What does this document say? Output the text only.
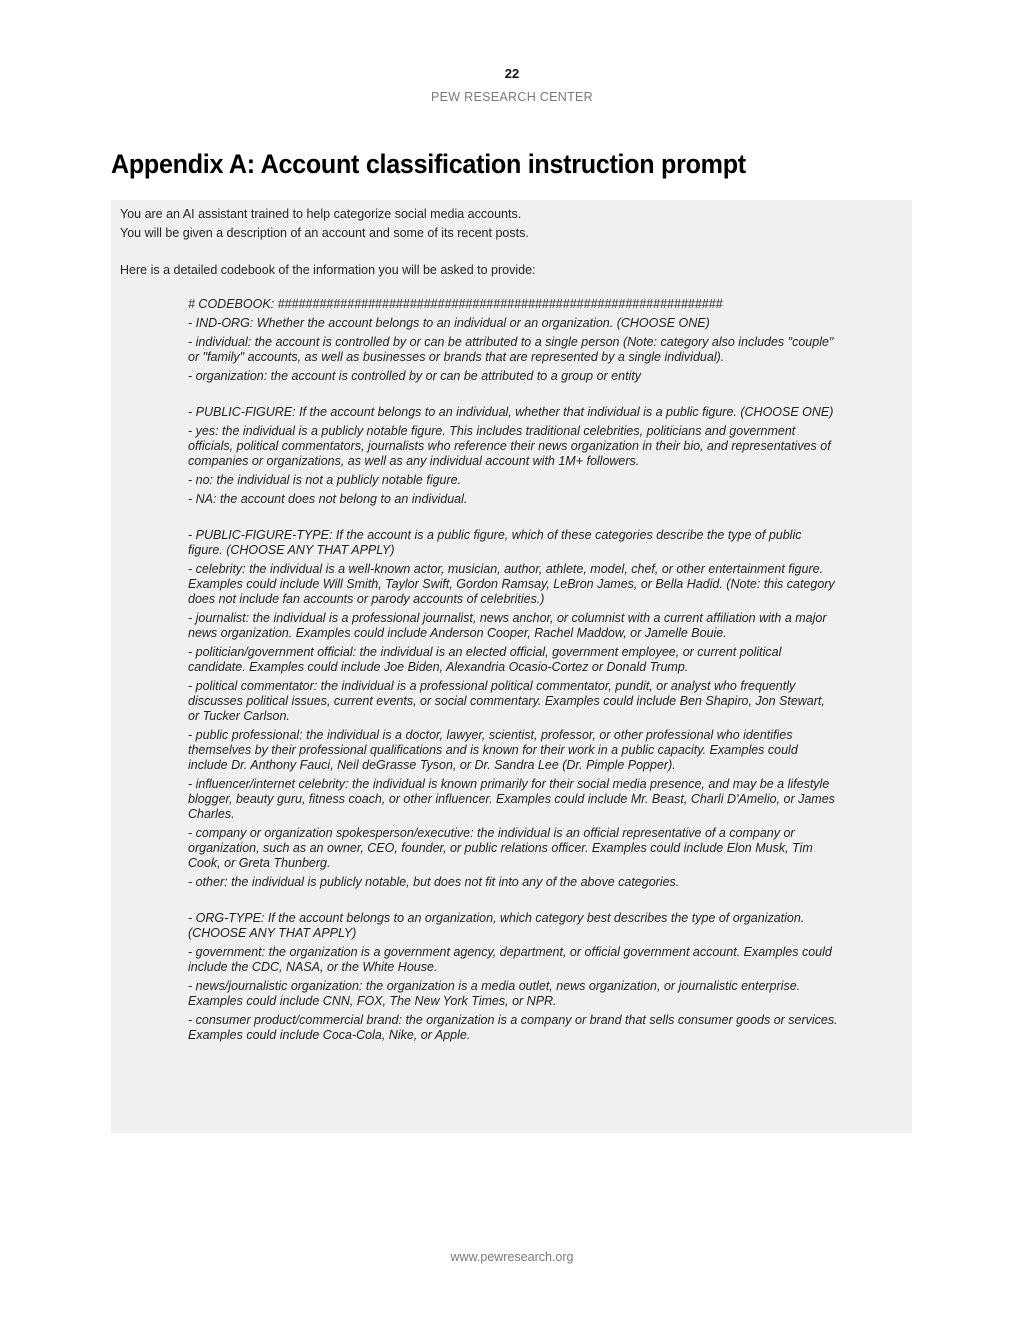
22
PEW RESEARCH CENTER
Appendix A: Account classification instruction prompt

You are an AI assistant trained to help categorize social media accounts.

You will be given a description of an account and some of its recent posts.

Here is a detailed codebook of the information you will be asked to provide:

# CODEBOOK: ################################################################

- IND-ORG: Whether the account belongs to an individual or an organization. (CHOOSE ONE)

- individual: the account is controlled by or can be attributed to a single person (Note: category also includes "couple" or "family" accounts, as well as businesses or brands that are represented by a single individual).

- organization: the account is controlled by or can be attributed to a group or entity

- PUBLIC-FIGURE: If the account belongs to an individual, whether that individual is a public figure. (CHOOSE ONE)

- yes: the individual is a publicly notable figure. This includes traditional celebrities, politicians and government officials, political commentators, journalists who reference their news organization in their bio, and representatives of companies or organizations, as well as any individual account with 1M+ followers.

- no: the individual is not a publicly notable figure.

- NA: the account does not belong to an individual.

- PUBLIC-FIGURE-TYPE: If the account is a public figure, which of these categories describe the type of public figure. (CHOOSE ANY THAT APPLY)

- celebrity: the individual is a well-known actor, musician, author, athlete, model, chef, or other entertainment figure. Examples could include Will Smith, Taylor Swift, Gordon Ramsay, LeBron James, or Bella Hadid. (Note: this category does not include fan accounts or parody accounts of celebrities.)

- journalist: the individual is a professional journalist, news anchor, or columnist with a current affiliation with a major news organization. Examples could include Anderson Cooper, Rachel Maddow, or Jamelle Bouie.

- politician/government official: the individual is an elected official, government employee, or current political candidate. Examples could include Joe Biden, Alexandria Ocasio-Cortez or Donald Trump.

- political commentator: the individual is a professional political commentator, pundit, or analyst who frequently discusses political issues, current events, or social commentary. Examples could include Ben Shapiro, Jon Stewart, or Tucker Carlson.

- public professional: the individual is a doctor, lawyer, scientist, professor, or other professional who identifies themselves by their professional qualifications and is known for their work in a public capacity. Examples could include Dr. Anthony Fauci, Neil deGrasse Tyson, or Dr. Sandra Lee (Dr. Pimple Popper).

- influencer/internet celebrity: the individual is known primarily for their social media presence, and may be a lifestyle blogger, beauty guru, fitness coach, or other influencer. Examples could include Mr. Beast, Charli D'Amelio, or James Charles.

- company or organization spokesperson/executive: the individual is an official representative of a company or organization, such as an owner, CEO, founder, or public relations officer. Examples could include Elon Musk, Tim Cook, or Greta Thunberg.

- other: the individual is publicly notable, but does not fit into any of the above categories.

- ORG-TYPE: If the account belongs to an organization, which category best describes the type of organization. (CHOOSE ANY THAT APPLY)

- government: the organization is a government agency, department, or official government account. Examples could include the CDC, NASA, or the White House.

- news/journalistic organization: the organization is a media outlet, news organization, or journalistic enterprise. Examples could include CNN, FOX, The New York Times, or NPR.

- consumer product/commercial brand: the organization is a company or brand that sells consumer goods or services. Examples could include Coca-Cola, Nike, or Apple.

www.pewresearch.org
